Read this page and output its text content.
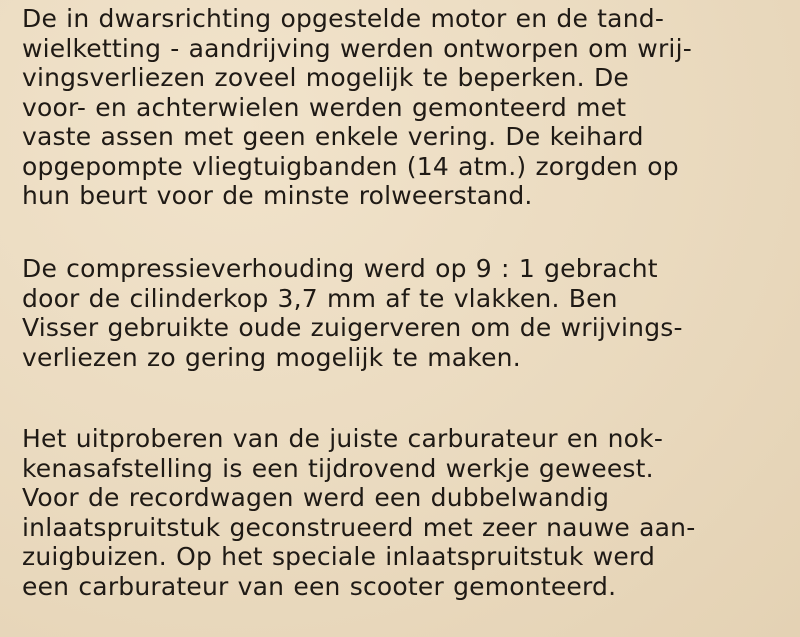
De in dwarsrichting opgestelde motor en de tand-
wielketting - aandrijving werden ontworpen om wrij-
vingsverliezen zoveel mogelijk te beperken. De
voor- en achterwielen werden gemonteerd met
vaste assen met geen enkele vering. De keihard
opgepompte vliegtuigbanden (14 atm.) zorgden op
hun beurt voor de minste rolweerstand.
De compressieverhouding werd op 9 : 1 gebracht
door de cilinderkop 3,7 mm af te vlakken. Ben
Visser gebruikte oude zuigerveren om de wrijvings-
verliezen zo gering mogelijk te maken.
Het uitproberen van de juiste carburateur en nok-
kenasafstelling is een tijdrovend werkje geweest.
Voor de recordwagen werd een dubbelwandig
inlaatspruitstuk geconstrueerd met zeer nauwe aan-
zuigbuizen. Op het speciale inlaatspruitstuk werd
een carburateur van een scooter gemonteerd.
